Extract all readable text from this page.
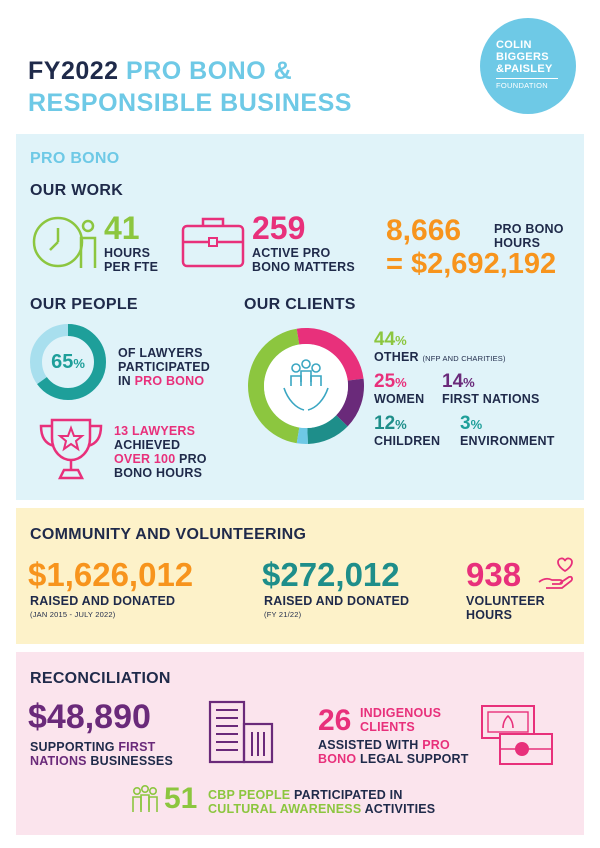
FY2022 PRO BONO &
RESPONSIBLE BUSINESS
COLIN
BIGGERS
&PAISLEY
FOUNDATION
PRO BONO
OUR WORK
41
HOURS
PER FTE
259
ACTIVE PRO
BONO MATTERS
8,666	PRO BONO
HOURS
= $2,692,192
OUR PEOPLE
65%
OF LAWYERS
PARTICIPATED
IN PRO BONO
13 LAWYERS
ACHIEVED
OVER 100 PRO
BONO HOURS
OUR CLIENTS
44%
OTHER (NFP AND CHARITIES)
25%
WOMEN
14%
FIRST NATIONS
12%
CHILDREN
3%
ENVIRONMENT
COMMUNITY AND VOLUNTEERING
$1,626,012
RAISED AND DONATED
(JAN 2015 - JULY 2022)
$272,012
RAISED AND DONATED
(FY 21/22)
938
VOLUNTEER
HOURS
RECONCILIATION
$48,890
SUPPORTING FIRST
NATIONS BUSINESSES
26 INDIGENOUS
CLIENTS
ASSISTED WITH PRO
BONO LEGAL SUPPORT
51 CBP PEOPLE PARTICIPATED IN
CULTURAL AWARENESS ACTIVITIES
